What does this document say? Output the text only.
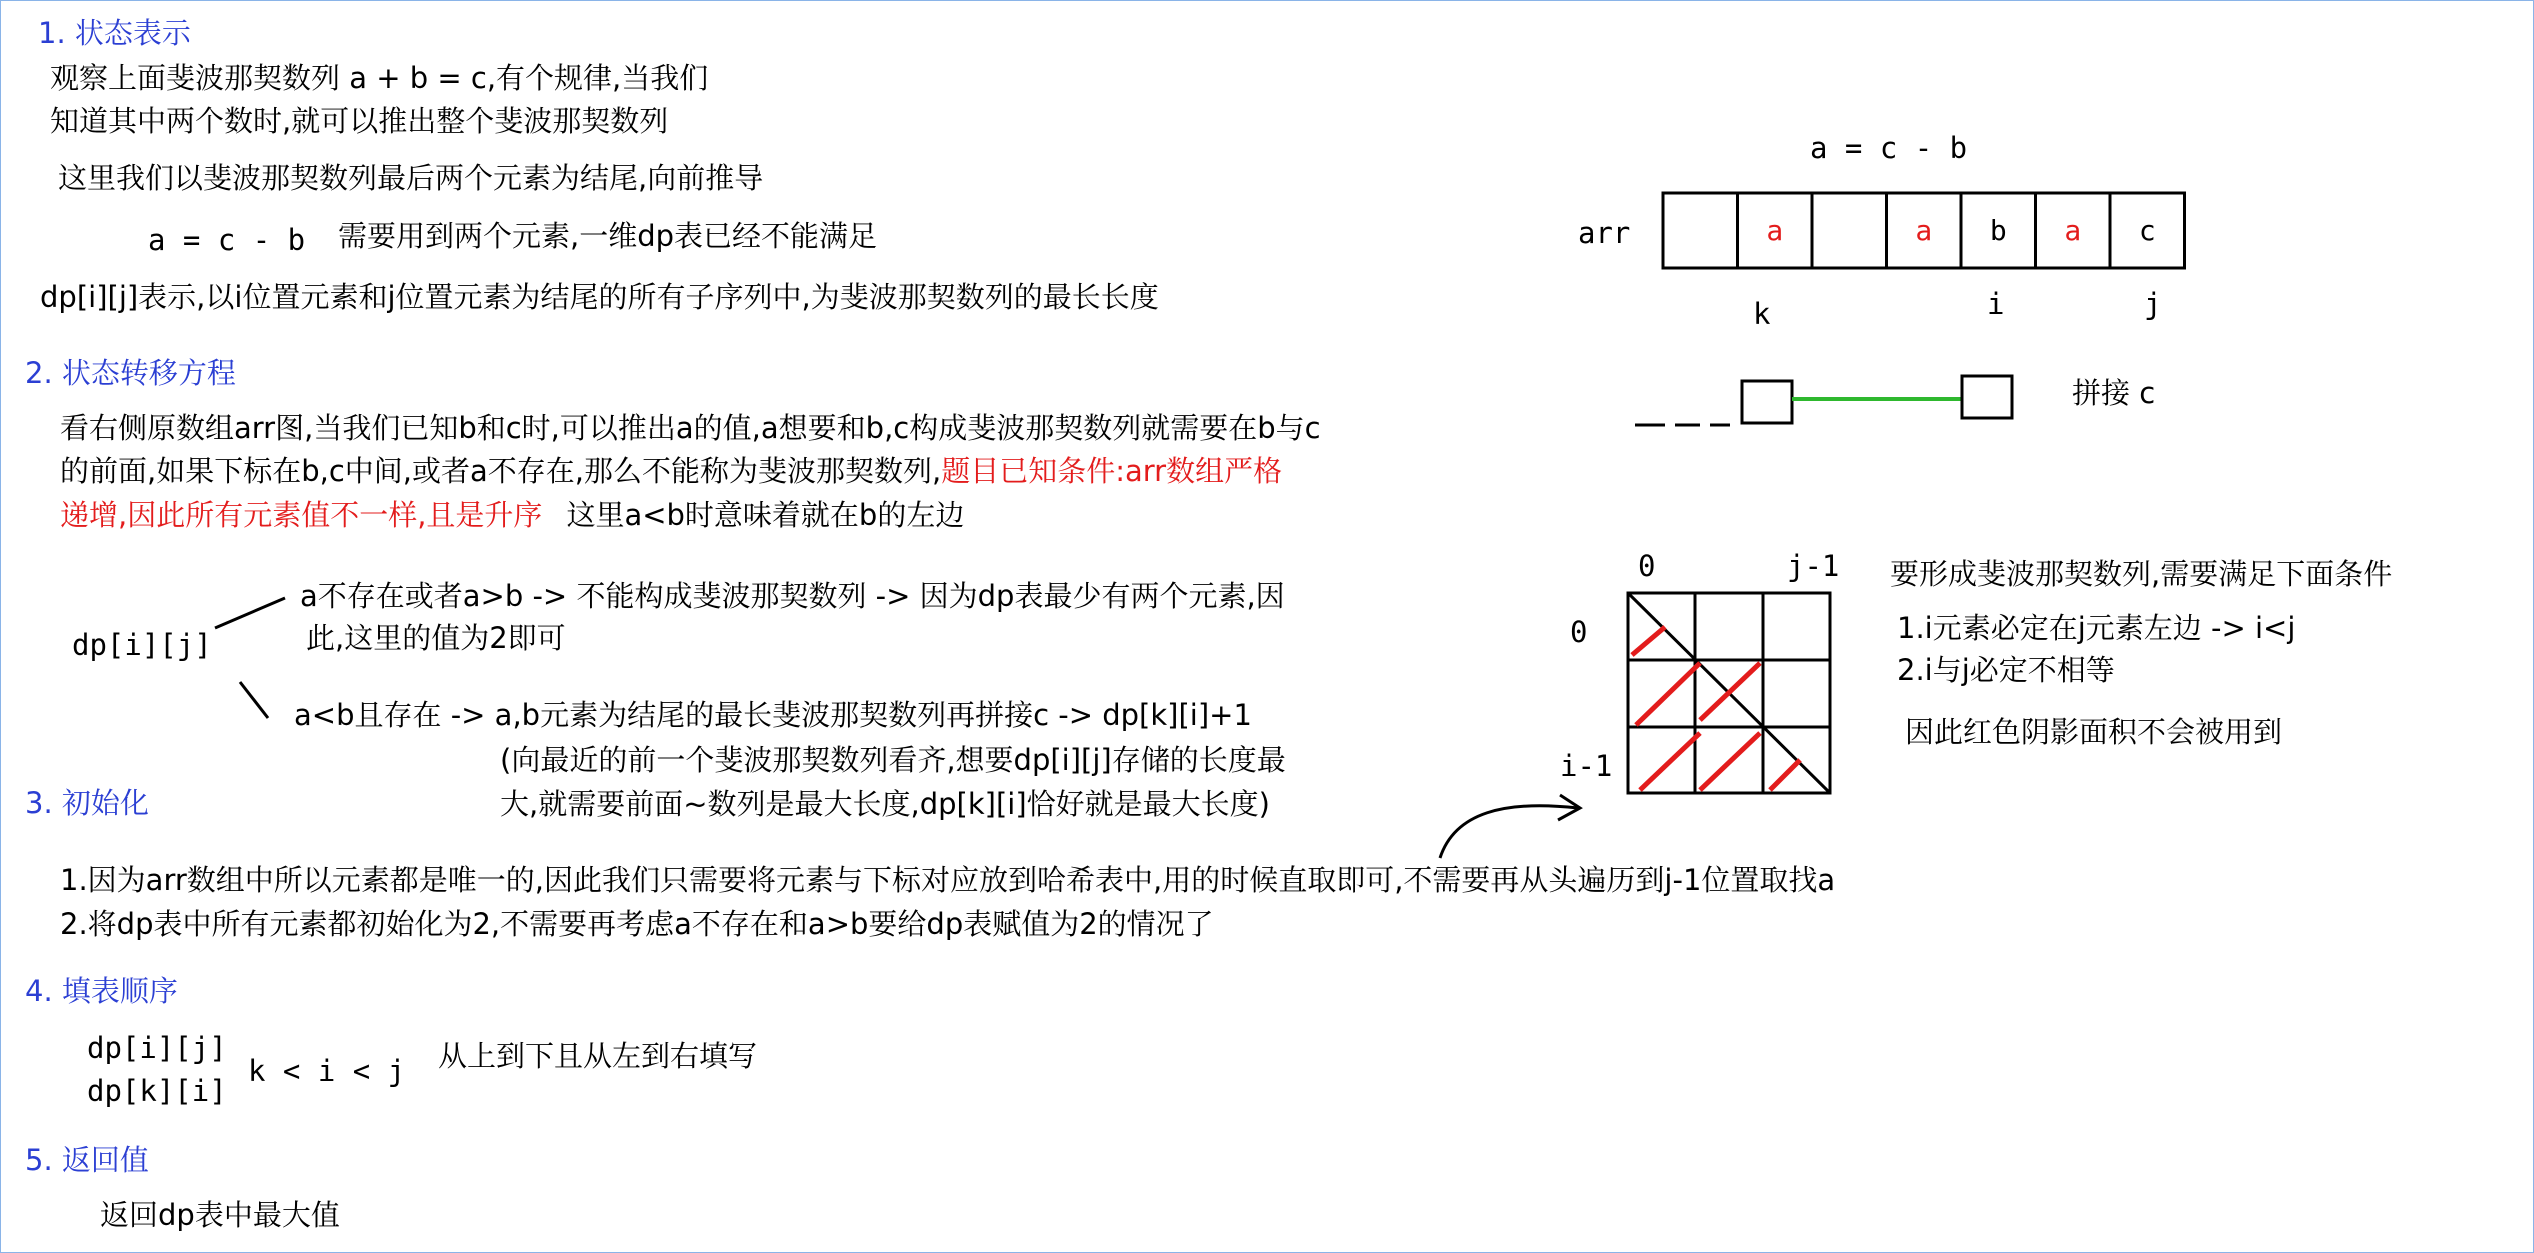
1. 状态表示
观察上面斐波那契数列 a + b = c,有个规律,当我们
知道其中两个数时,就可以推出整个斐波那契数列
这里我们以斐波那契数列最后两个元素为结尾,向前推导
a = c - b 需要用到两个元素,一维dp表已经不能满足
dp[i][j]表示,以i位置元素和j位置元素为结尾的所有子序列中,为斐波那契数列的最长长度
2. 状态转移方程
看右侧原数组arr图,当我们已知b和c时,可以推出a的值,a想要和b,c构成斐波那契数列就需要在b与c
的前面,如果下标在b,c中间,或者a不存在,那么不能称为斐波那契数列,题目已知条件:arr数组严格
递增,因此所有元素值不一样,且是升序 这里a<b时意味着就在b的左边
dp[i][j]
a不存在或者a>b -> 不能构成斐波那契数列 -> 因为dp表最少有两个元素,因
此,这里的值为2即可
a<b且存在 -> a,b元素为结尾的最长斐波那契数列再拼接c -> dp[k][i]+1
(向最近的前一个斐波那契数列看齐,想要dp[i][j]存储的长度最
大,就需要前面~数列是最大长度,dp[k][i]恰好就是最大长度)
3. 初始化
1.因为arr数组中所以元素都是唯一的,因此我们只需要将元素与下标对应放到哈希表中,用的时候直取即可,不需要再从头遍历到j-1位置取找a
2.将dp表中所有元素都初始化为2,不需要再考虑a不存在和a>b要给dp表赋值为2的情况了
4. 填表顺序
dp[i][j]
dp[k][i]
k < i < j 从上到下且从左到右填写
5. 返回值
返回dp表中最大值
a = c - b
arr
k	i	j
拼接 c
0	j-1
0
i-1
要形成斐波那契数列,需要满足下面条件
1.i元素必定在j元素左边 -> i<j
2.i与j必定不相等
因此红色阴影面积不会被用到
a	a b a c
